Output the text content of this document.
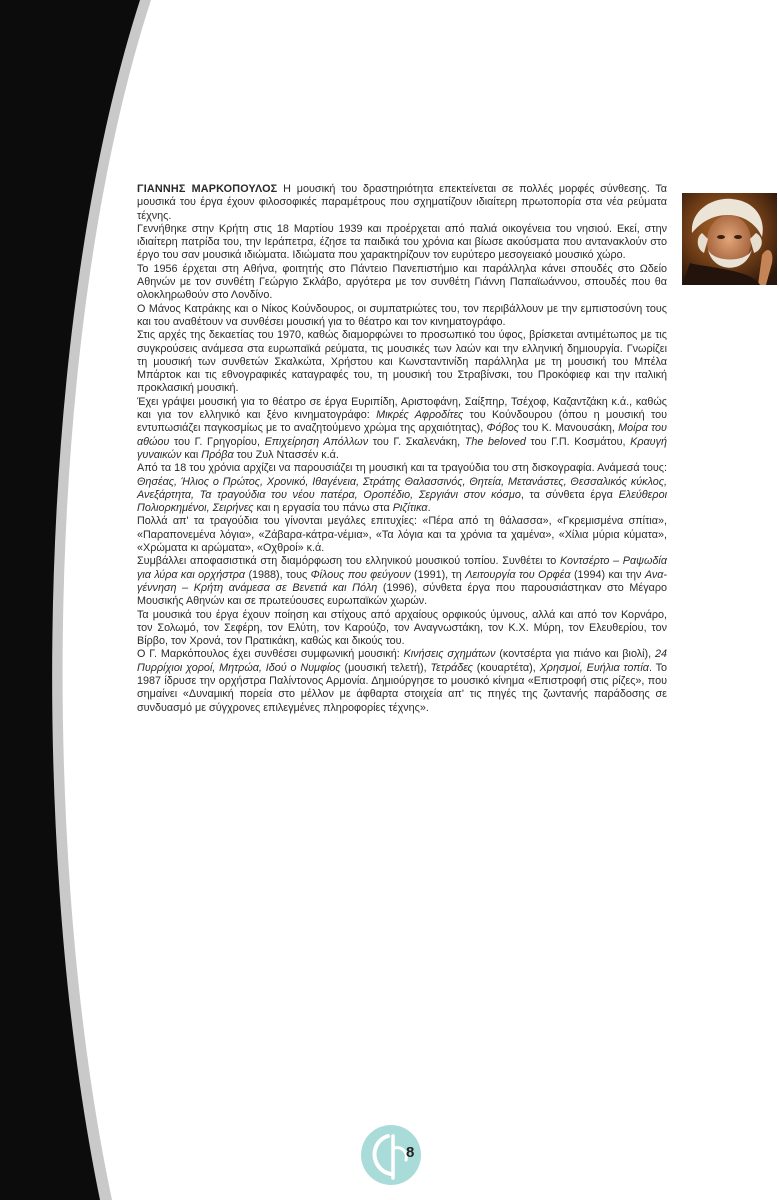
ΓΙΑΝΝΗΣ ΜΑΡΚΟΠΟΥΛΟΣ Η μουσική του δραστηριότητα επεκτείνεται σε πολλές μορφές σύνθεσης. Τα μουσικά του έργα έχουν φιλοσοφικές παραμέτρους που σχηματίζουν ιδιαίτερη πρωτοπορία στα νέα ρεύματα τέχνης.

Γεννήθηκε στην Κρήτη στις 18 Μαρτίου 1939 και προέρχεται από παλιά οικογένεια του νησιού. Εκεί, στην ιδιαίτερη πατρίδα του, την Ιεράπετρα, έζησε τα παιδικά του χρόνια και βίωσε ακούσματα που αντανακλούν στο έργο του σαν μουσικά ιδιώματα. Ιδιώματα που χαρακτηρίζουν τον ευρύτερο μεσογειακό μουσικό χώρο.

Το 1956 έρχεται στη Αθήνα, φοιτητής στο Πάντειο Πανεπιστήμιο και παράλληλα κάνει σπουδές στο Ωδείο Αθηνών με τον συνθέτη Γεώργιο Σκλάβο, αργότερα με τον συνθέτη Γιάννη Παπαϊωάννου, σπουδές που θα ολοκληρωθούν στο Λονδίνο.

Ο Μάνος Κατράκης και ο Νίκος Κούνδουρος, οι συμπατριώτες του, τον περιβάλλουν με την εμπιστοσύνη τους και του αναθέτουν να συνθέσει μουσική για το θέατρο και τον κινηματογράφο.

Στις αρχές της δεκαετίας του 1970, καθώς διαμορφώνει το προσωπικό του ύφος, βρίσκεται αντιμέτωπος με τις συγκρούσεις ανάμεσα στα ευρωπαϊκά ρεύματα, τις μουσικές των λαών και την ελληνική δημιουργία. Γνωρίζει τη μουσική των συνθετών Σκαλκώτα, Χρήστου και Κωνσταντινίδη παράλληλα με τη μουσική του Μπέλα Μπάρτοκ και τις εθνογραφικές καταγραφές του, τη μουσική του Στραβίνσκι, του Προκόφιεφ και την ιταλική προκλασική μουσική.

Έχει γράψει μουσική για το θέατρο σε έργα Ευριπίδη, Αριστοφάνη, Σαίξπηρ, Τσέχοφ, Καζαντζάκη κ.ά., καθώς και για τον ελληνικό και ξένο κινηματογράφο: Μικρές Αφροδίτες του Κούνδουρου (όπου η μουσική του εντυπωσιάζει παγκοσμίως με το αναζητούμενο χρώμα της αρχαιότητας), Φόβος του Κ. Μανουσάκη, Μοίρα του αθώου του Γ. Γρηγορίου, Επιχείρηση Απόλλων του Γ. Σκαλενάκη, The beloved του Γ.Π. Κοσμάτου, Κραυγή γυναικών και Πρόβα του Ζυλ Ντασσέν κ.ά.

Από τα 18 του χρόνια αρχίζει να παρουσιάζει τη μουσική και τα τραγούδια του στη δισκογραφία. Ανάμεσά τους: Θησέας, Ήλιος ο Πρώτος, Χρονικό, Ιθαγένεια, Στράτης Θαλασσινός, Θητεία, Μετανάστες, Θεσσαλικός κύκλος, Ανεξάρτητα, Τα τραγούδια του νέου πατέρα, Οροπέδιο, Σεργιάνι στον κόσμο, τα σύνθετα έργα Ελεύθεροι Πολιορκημένοι, Σειρήνες και η εργασία του πάνω στα Ριζίτικα.

Πολλά απ' τα τραγούδια του γίνονται μεγάλες επιτυχίες: «Πέρα από τη θάλασσα», «Γκρεμισμένα σπίτια», «Παραπονεμένα λόγια», «Ζάβαρα-κάτρα-νέμια», «Τα λόγια και τα χρόνια τα χαμένα», «Χίλια μύρια κύματα», «Χρώματα κι αρώματα», «Οχθροί» κ.ά.

Συμβάλλει αποφασιστικά στη διαμόρφωση του ελληνικού μουσικού τοπίου. Συνθέτει το Κοντσέρτο – Ραψωδία για λύρα και ορχήστρα (1988), τους Φίλους που φεύγουν (1991), τη Λειτουργία του Ορφέα (1994) και την Ανα-γέννηση – Κρήτη ανάμεσα σε Βενετιά και Πόλη (1996), σύνθετα έργα που παρουσιάστηκαν στο Μέγαρο Μουσικής Αθηνών και σε πρωτεύουσες ευρωπαϊκών χωρών.

Τα μουσικά του έργα έχουν ποίηση και στίχους από αρχαίους ορφικούς ύμνους, αλλά και από τον Κορνάρο, τον Σολωμό, τον Σεφέρη, τον Ελύτη, τον Καρούζο, τον Αναγνωστάκη, τον Κ.Χ. Μύρη, τον Ελευθερίου, τον Βίρβο, τον Χρονά, τον Πρατικάκη, καθώς και δικούς του.

Ο Γ. Μαρκόπουλος έχει συνθέσει συμφωνική μουσική: Κινήσεις σχημάτων (κοντσέρτα για πιάνο και βιολί), 24 Πυρρίχιοι χοροί, Μητρώα, Ιδού ο Νυμφίος (μουσική τελετή), Τετράδες (κουαρτέτα), Χρησμοί, Ευήλια τοπία. Το 1987 ίδρυσε την ορχήστρα Παλίντονος Αρμονία. Δημιούργησε το μουσικό κίνημα «Επιστροφή στις ρίζες», που σημαίνει «Δυναμική πορεία στο μέλλον με άφθαρτα στοιχεία απ' τις πηγές της ζωντανής παράδοσης σε συνδυασμό με σύγχρονες επιλεγμένες πληροφορίες τέχνης».

8
